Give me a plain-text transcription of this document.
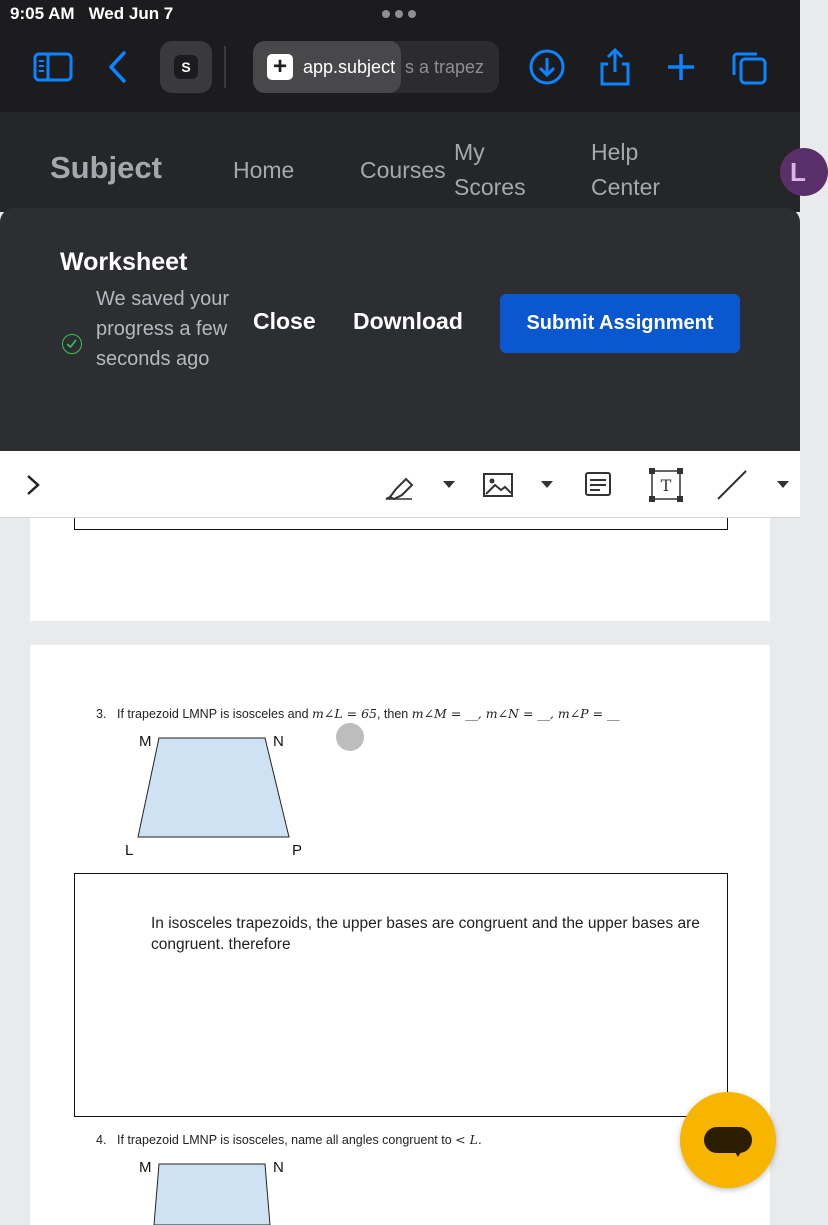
9:05 AM Wed Jun 7
S	+ app.subject s a trapez
Subject	Home	Courses
My
Scores
Help
Center	L
Worksheet
We saved your progress a few seconds ago
Close Download	Submit Assignment
T
3. If trapezoid LMNP is isosceles and m∠L = 65, then m∠M = __, m∠N = __, m∠P = __
M	N
L	P
In isosceles trapezoids, the upper bases are congruent and the upper bases are congruent. therefore
4. If trapezoid LMNP is isosceles, name all angles congruent to < L.
M	N
